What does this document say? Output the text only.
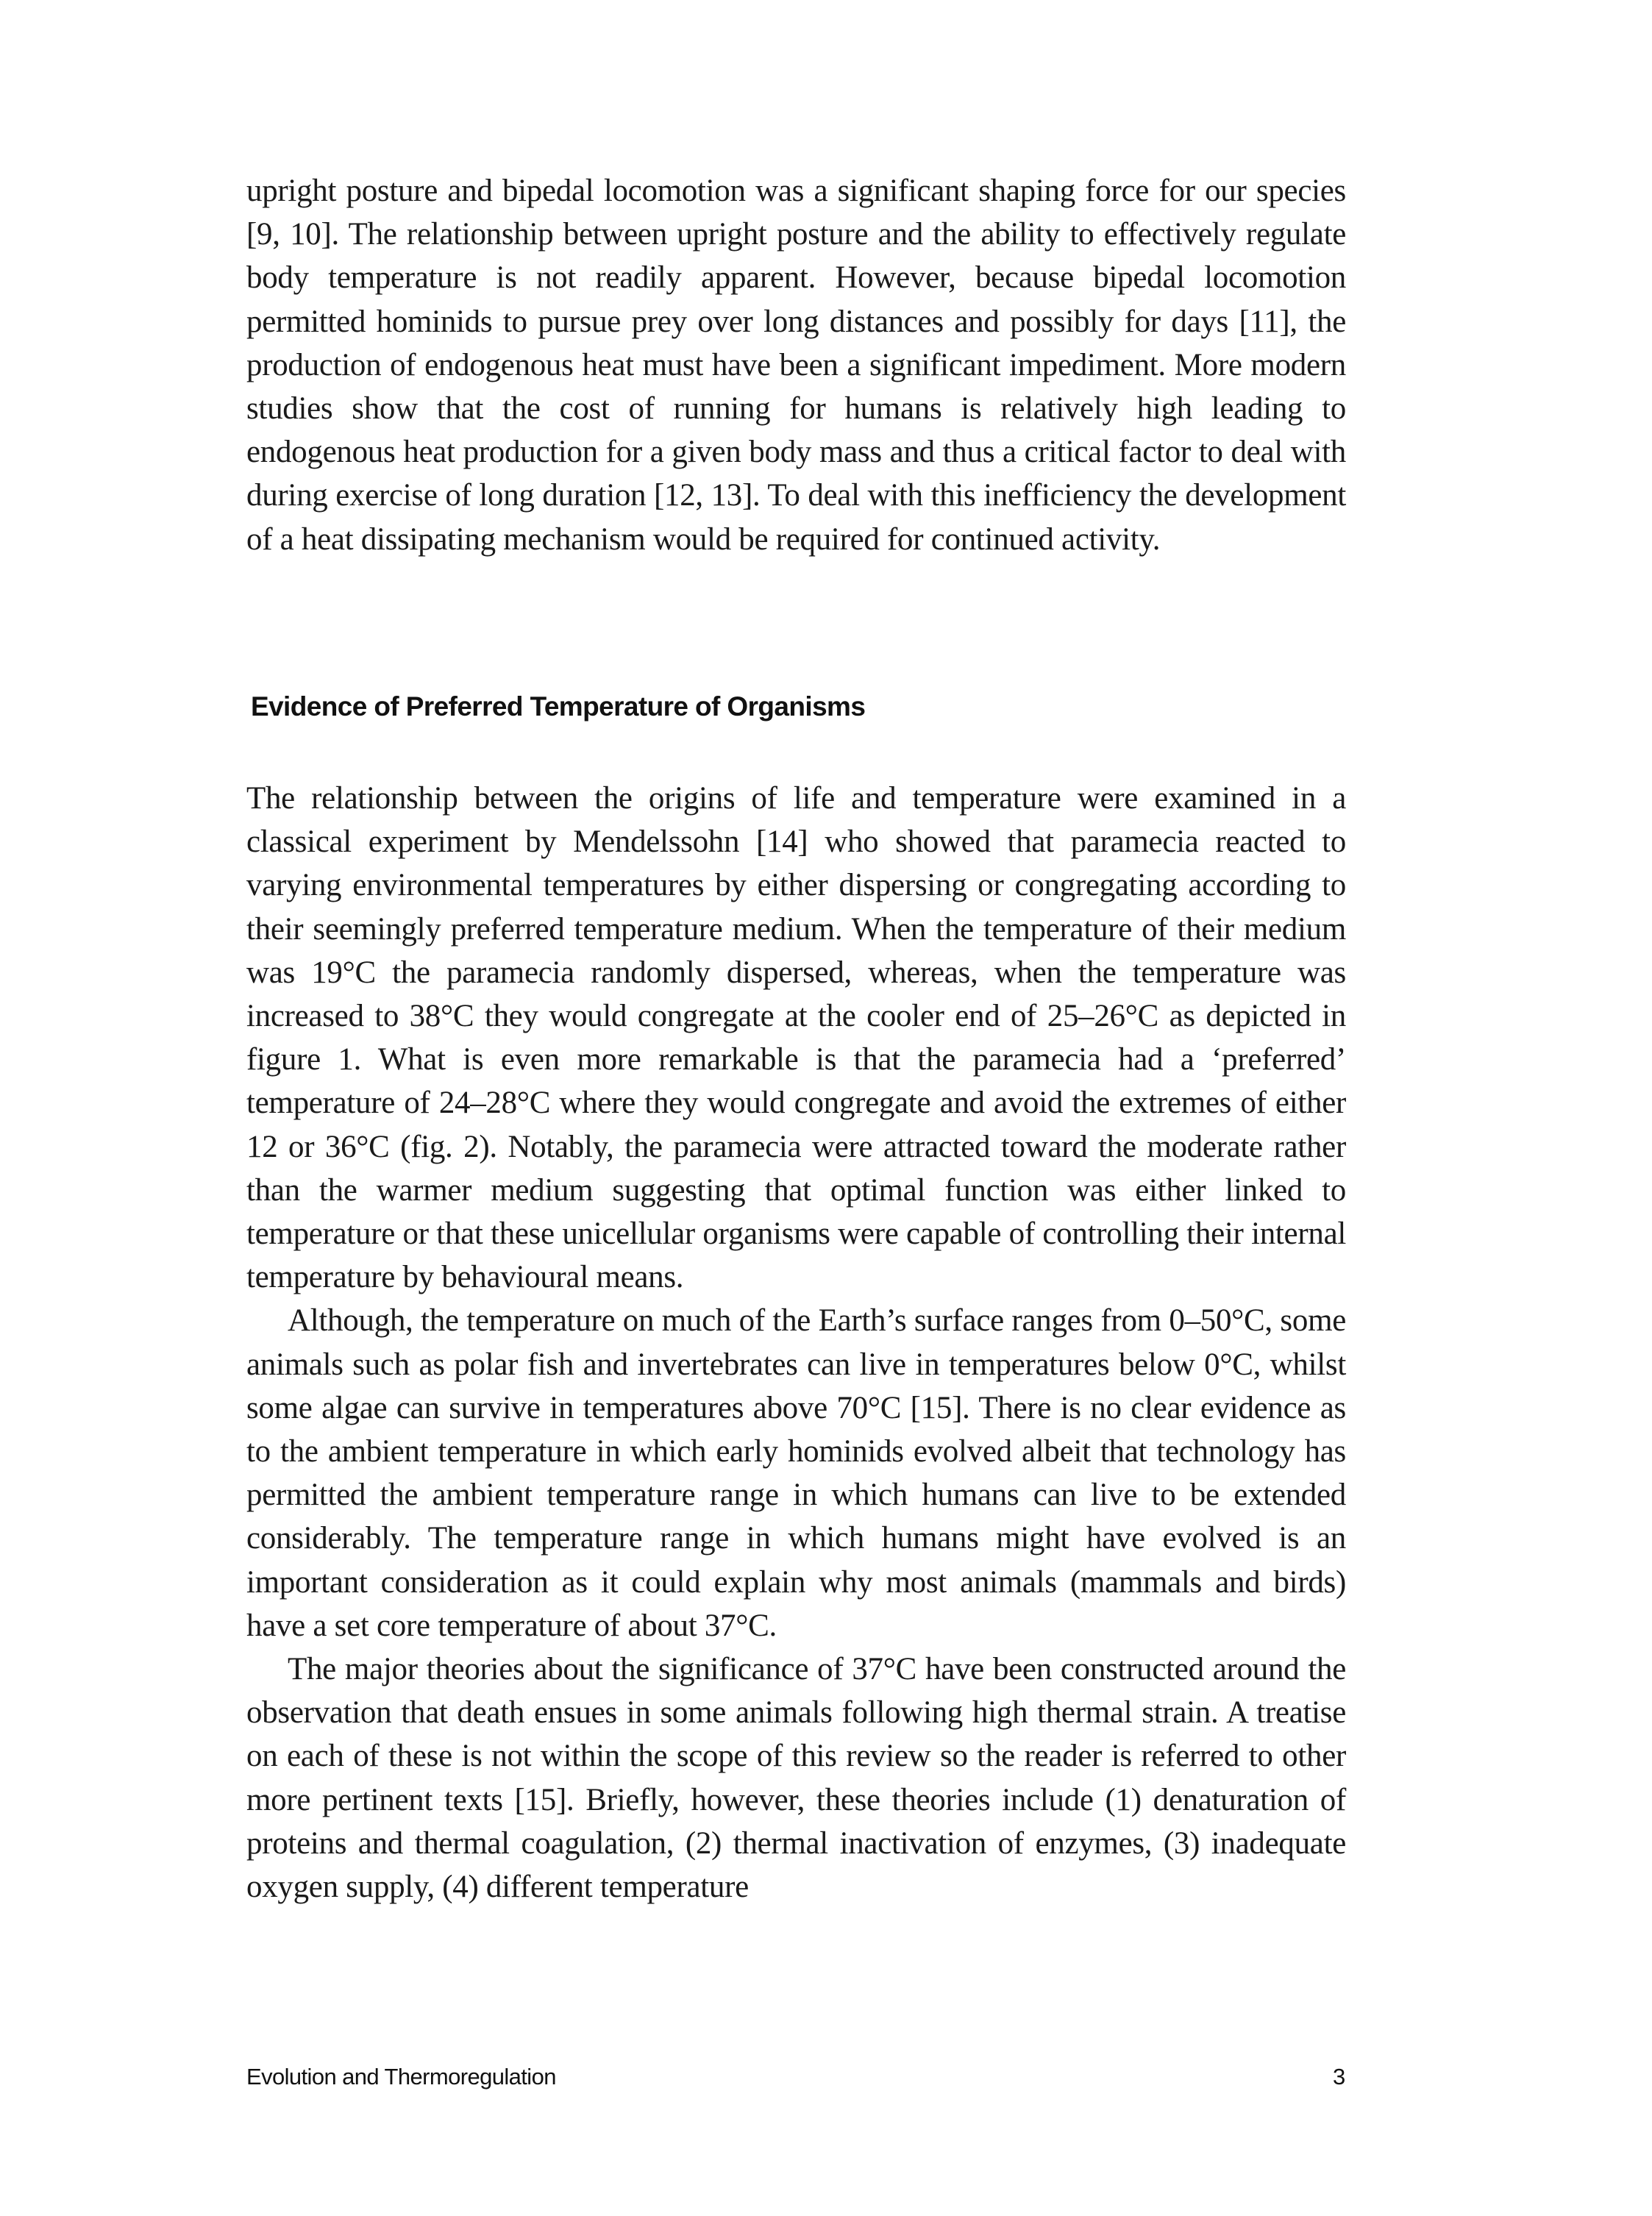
upright posture and bipedal locomotion was a significant shaping force for our species [9, 10]. The relationship between upright posture and the ability to effectively regulate body temperature is not readily apparent. However, because bipedal locomotion permitted hominids to pursue prey over long distances and possibly for days [11], the production of endogenous heat must have been a significant impediment. More modern studies show that the cost of running for humans is relatively high leading to endogenous heat production for a given body mass and thus a critical factor to deal with during exercise of long duration [12, 13]. To deal with this inefficiency the development of a heat dissipating mechanism would be required for continued activity.

Evidence of Preferred Temperature of Organisms

The relationship between the origins of life and temperature were examined in a classical experiment by Mendelssohn [14] who showed that paramecia reacted to varying environmental temperatures by either dispersing or congregating according to their seemingly preferred temperature medium. When the temperature of their medium was 19°C the paramecia randomly dispersed, whereas, when the temperature was increased to 38°C they would congregate at the cooler end of 25–26°C as depicted in figure 1. What is even more remarkable is that the paramecia had a ‘preferred’ temperature of 24–28°C where they would congregate and avoid the extremes of either 12 or 36°C (fig. 2). Notably, the paramecia were attracted toward the moderate rather than the warmer medium suggesting that optimal function was either linked to temperature or that these unicellular organisms were capable of controlling their internal temperature by behavioural means.

Although, the temperature on much of the Earth’s surface ranges from 0–50°C, some animals such as polar fish and invertebrates can live in temperatures below 0°C, whilst some algae can survive in temperatures above 70°C [15]. There is no clear evidence as to the ambient temperature in which early hominids evolved albeit that technology has permitted the ambient temperature range in which humans can live to be extended considerably. The temperature range in which humans might have evolved is an important consideration as it could explain why most animals (mammals and birds) have a set core temperature of about 37°C.

The major theories about the significance of 37°C have been constructed around the observation that death ensues in some animals following high thermal strain. A treatise on each of these is not within the scope of this review so the reader is referred to other more pertinent texts [15]. Briefly, however, these theories include (1) denaturation of proteins and thermal coagulation, (2) thermal inactivation of enzymes, (3) inadequate oxygen supply, (4) different temperature

Evolution and Thermoregulation	3
